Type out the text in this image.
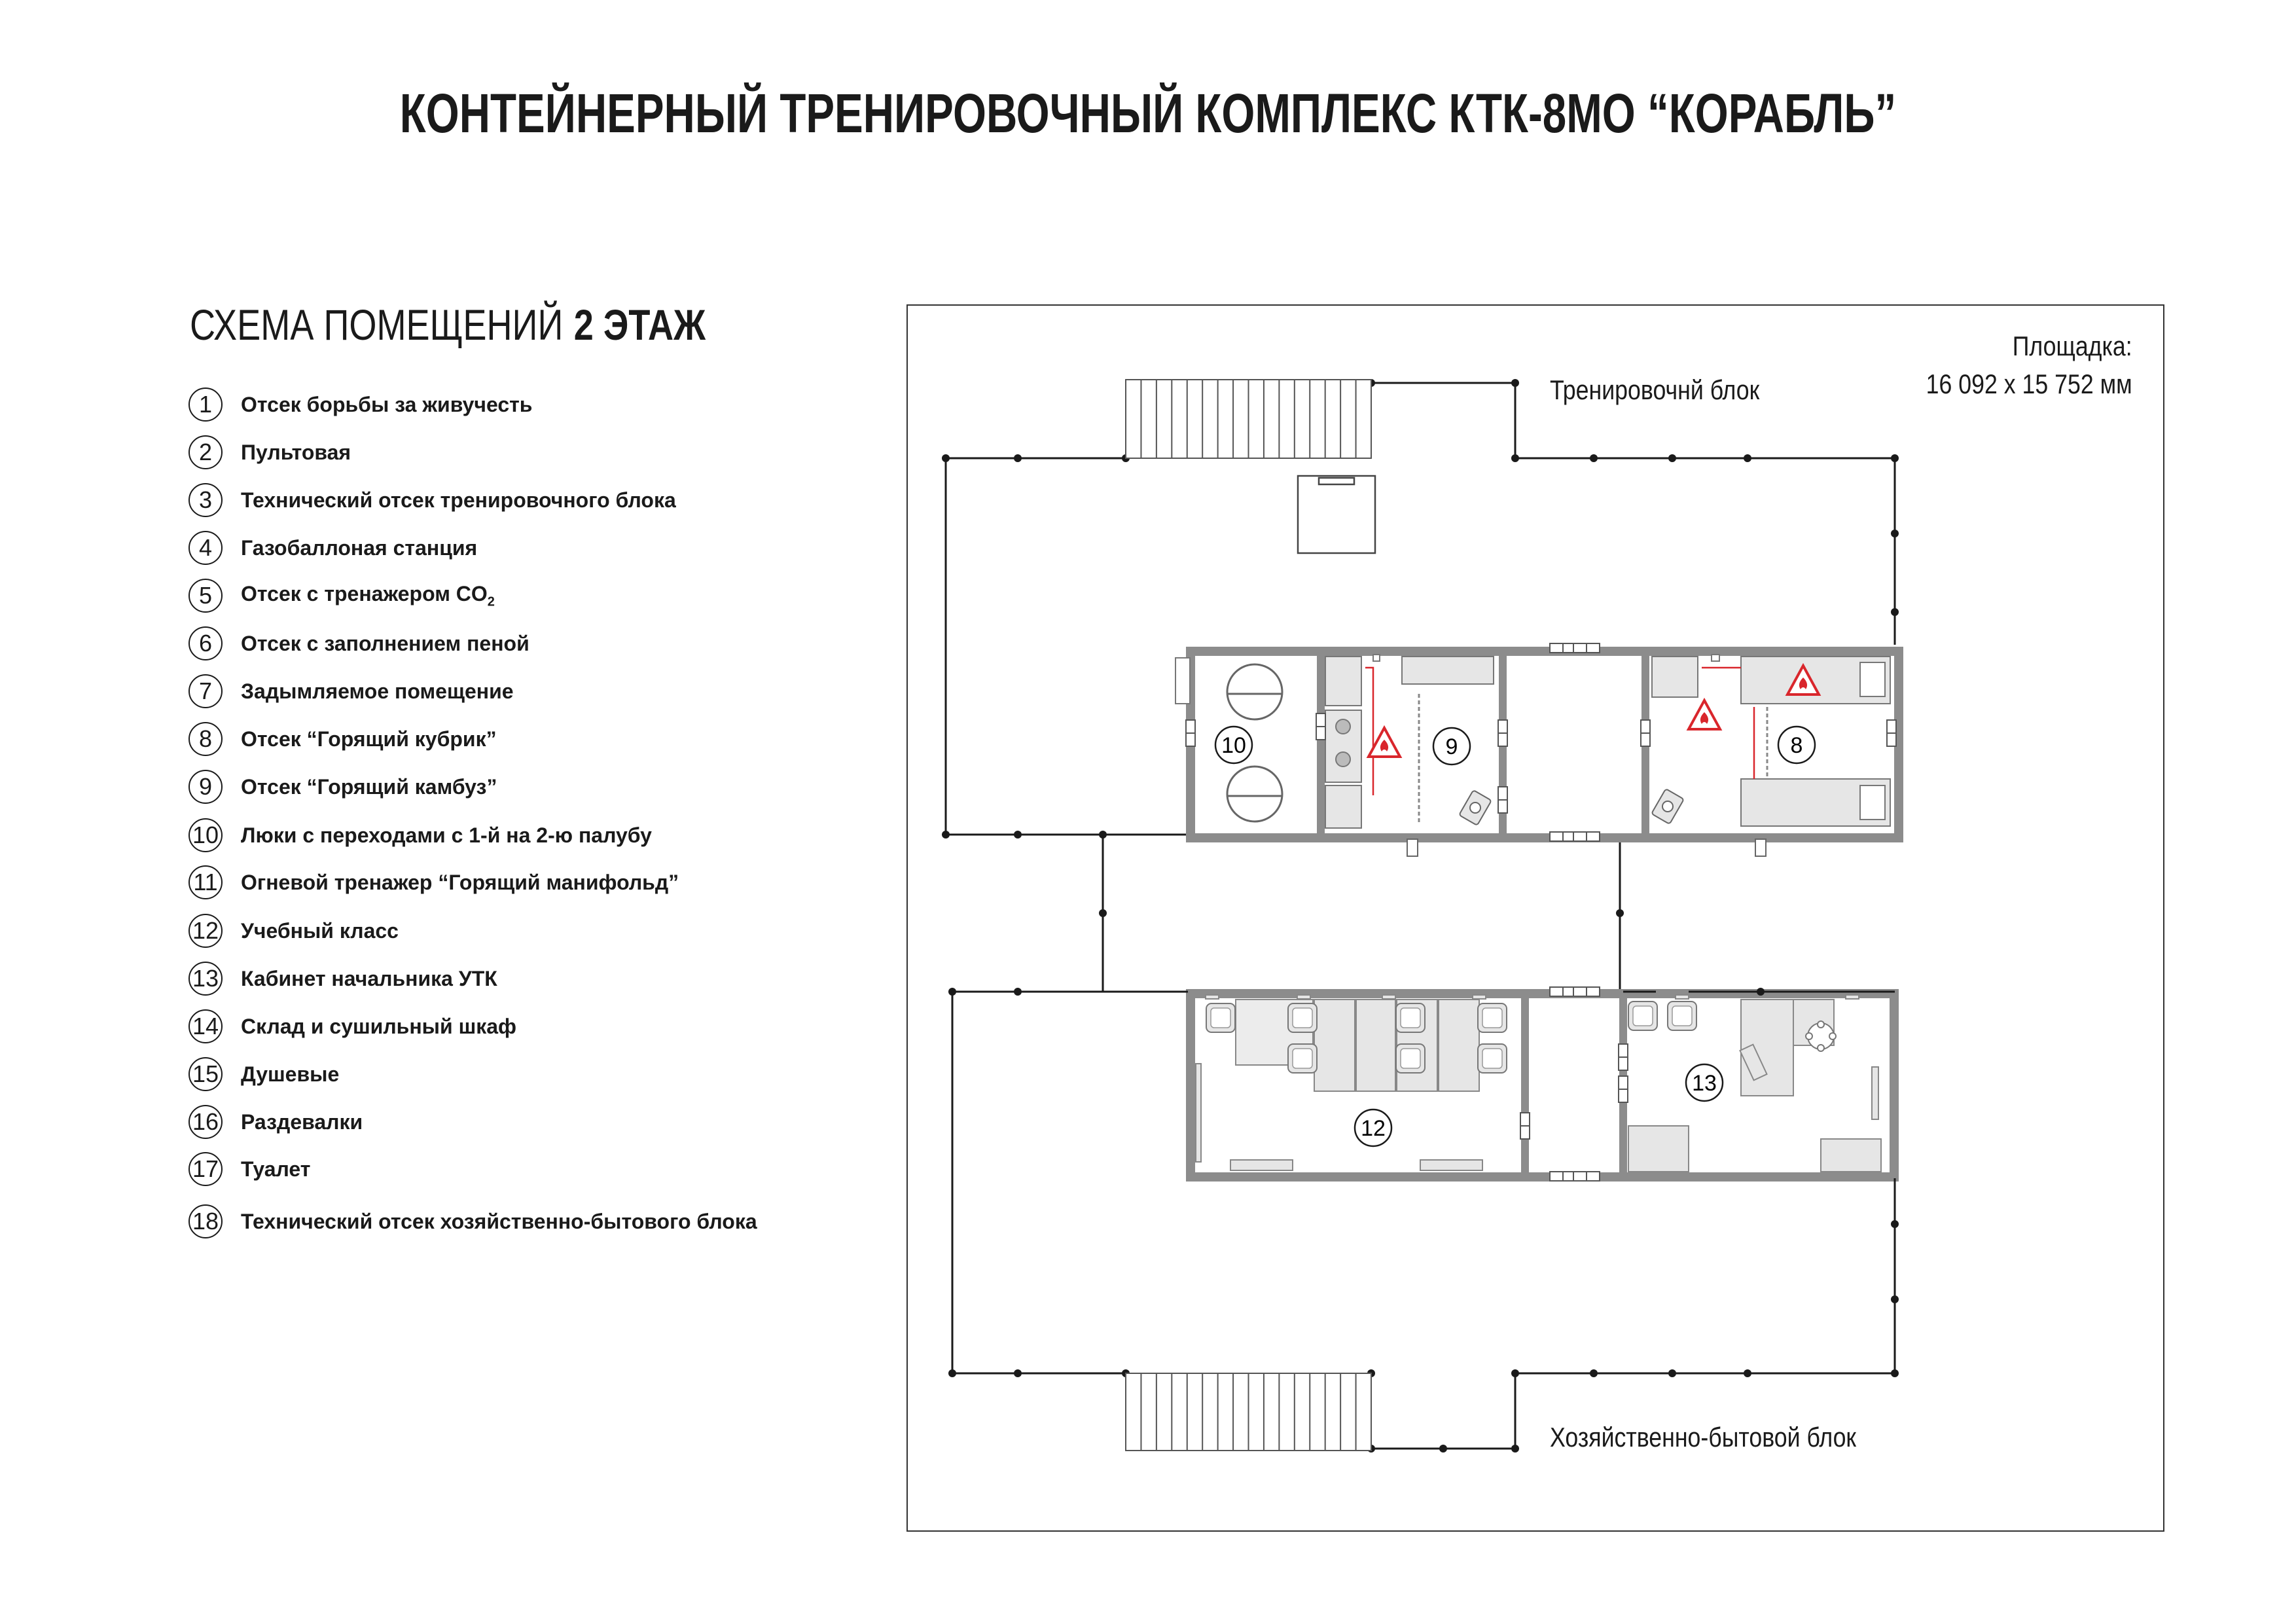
КОНТЕЙНЕРНЫЙ ТРЕНИРОВОЧНЫЙ КОМПЛЕКС КТК-8МО “КОРАБЛЬ”
СХЕМА ПОМЕЩЕНИЙ 2 ЭТАЖ
1	Отсек борьбы за живучесть
2	Пультовая
3	Технический отсек тренировочного блока
4	Газобаллоная станция
5	Отсек с тренажером $CO_2$
6	Отсек с заполнением пеной
7	Задымляемое помещение
8	Отсек “Горящий кубрик”
9	Отсек “Горящий камбуз”
10 Люки с переходами с 1-й на 2-ю палубу
11 Огневой тренажер “Горящий манифольд”
12 Учебный класс
13 Кабинет начальника УТК
14 Склад и сушильный шкаф
15 Душевые
16 Раздевалки
17 Туалет
18 Технический отсек хозяйственно-бытового блока
Площадка:
16 092 x 15 752 мм
Тренировочнй блок
Хозяйственно-бытовой блок
10	9	8
12
13
